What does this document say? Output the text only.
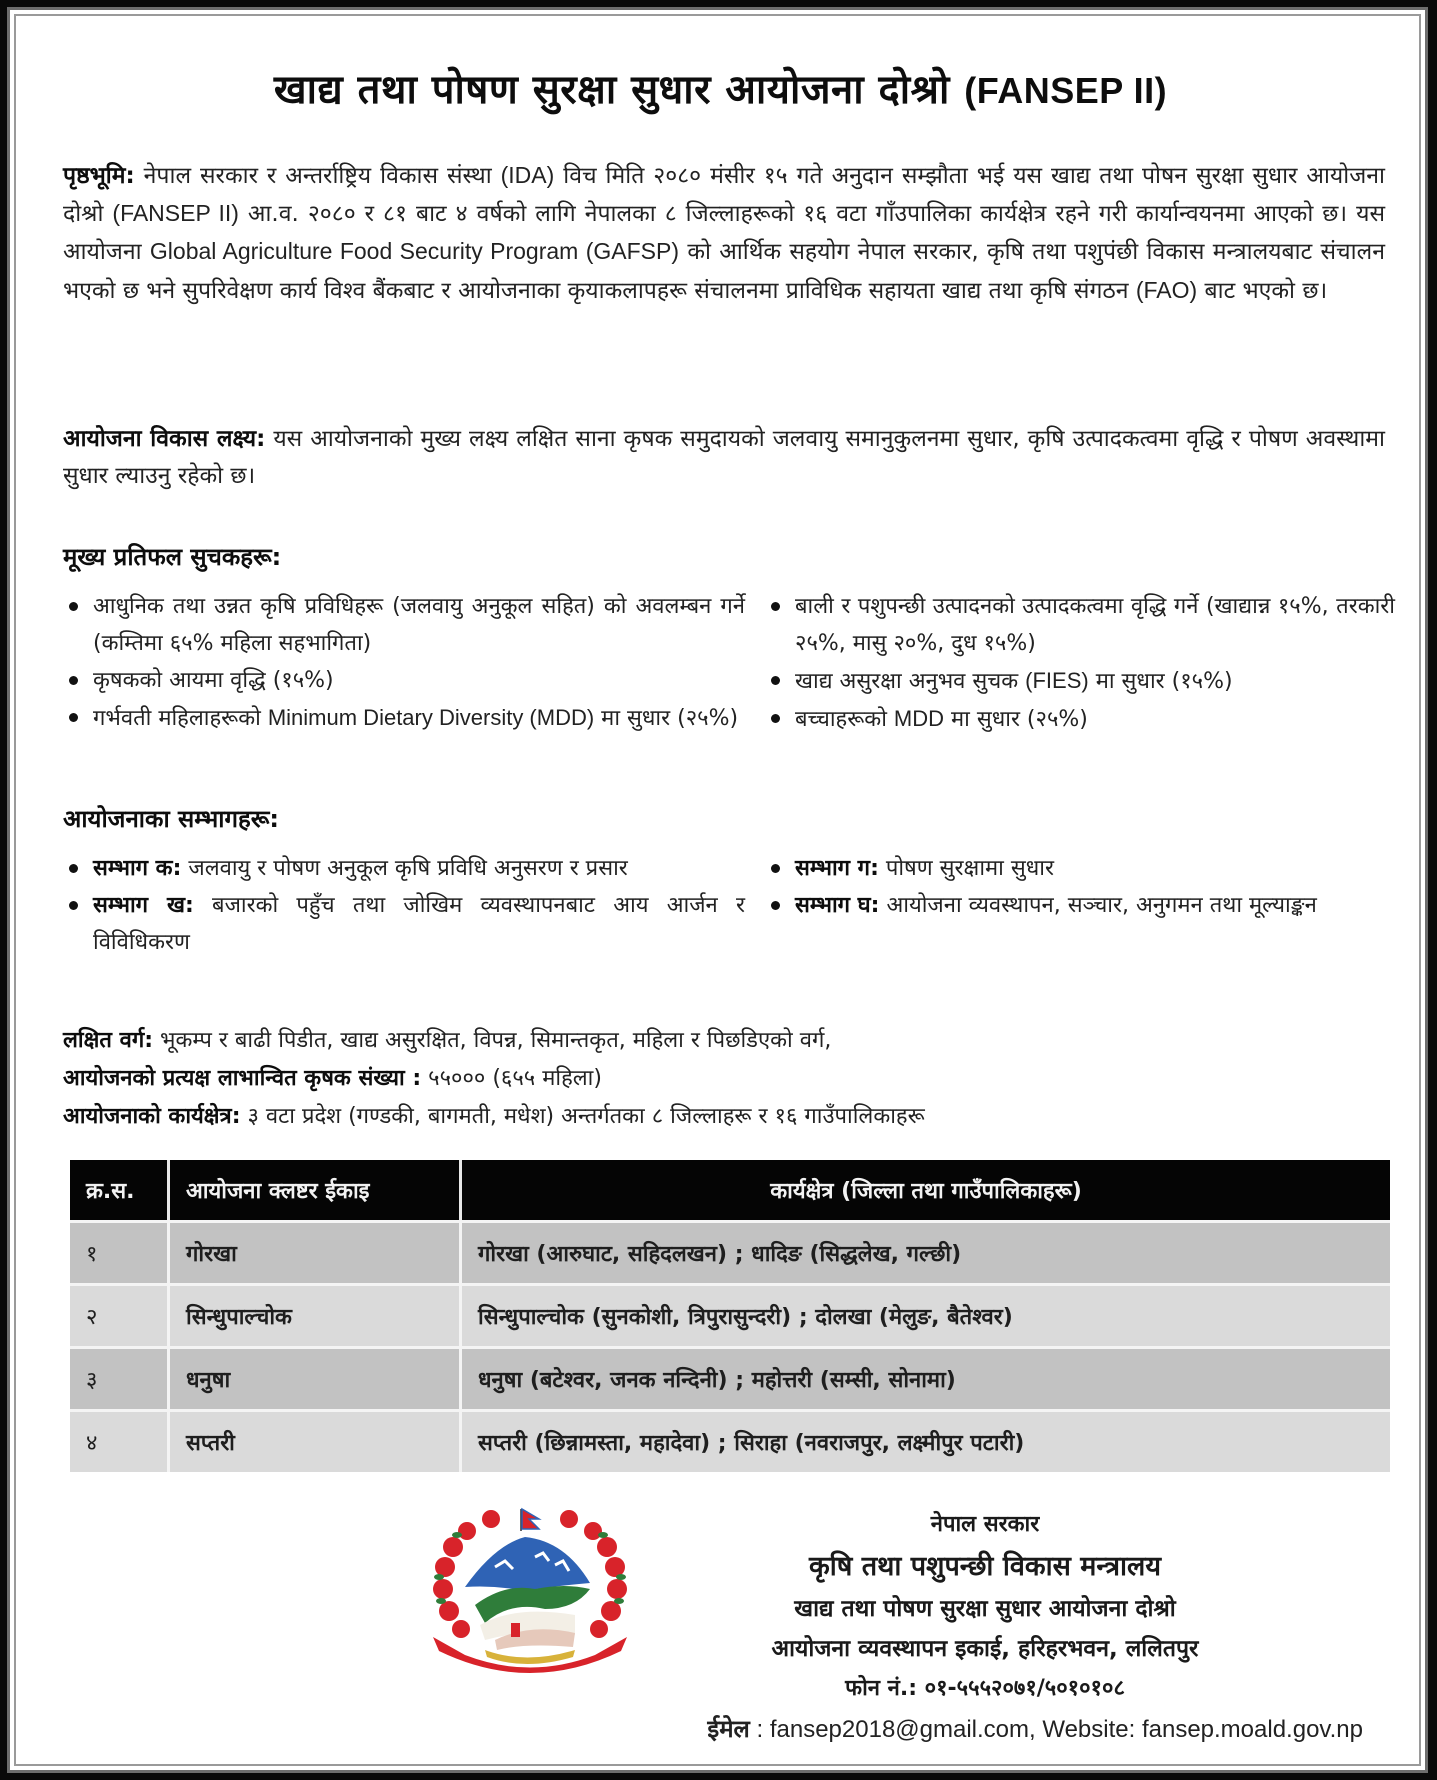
खाद्य तथा पोषण सुरक्षा सुधार आयोजना दोश्रो (FANSEP II)
पृष्ठभूमि: नेपाल सरकार र अन्तर्राष्ट्रिय विकास संस्था (IDA) विच मिति २०८० मंसीर १५ गते अनुदान सम्झौता भई यस खाद्य तथा पोषन सुरक्षा सुधार आयोजना दोश्रो (FANSEP II) आ.व. २०८० र ८१ बाट ४ वर्षको लागि नेपालका ८ जिल्लाहरूको १६ वटा गाँउपालिका कार्यक्षेत्र रहने गरी कार्यान्वयनमा आएको छ। यस आयोजना Global Agriculture Food Security Program (GAFSP) को आर्थिक सहयोग नेपाल सरकार, कृषि तथा पशुपंछी विकास मन्त्रालयबाट संचालन भएको छ भने सुपरिवेक्षण कार्य विश्व बैंकबाट र आयोजनाका कृयाकलापहरू संचालनमा प्राविधिक सहायता खाद्य तथा कृषि संगठन (FAO) बाट भएको छ।
आयोजना विकास लक्ष्य: यस आयोजनाको मुख्य लक्ष्य लक्षित साना कृषक समुदायको जलवायु समानुकुलनमा सुधार, कृषि उत्पादकत्वमा वृद्धि र पोषण अवस्थामा सुधार ल्याउनु रहेको छ।
मूख्य प्रतिफल सुचकहरू:
आधुनिक तथा उन्नत कृषि प्रविधिहरू (जलवायु अनुकूल सहित) को अवलम्बन गर्ने (कम्तिमा ६५% महिला सहभागिता)
कृषकको आयमा वृद्धि (१५%)
गर्भवती महिलाहरूको Minimum Dietary Diversity (MDD) मा सुधार (२५%)
बाली र पशुपन्छी उत्पादनको उत्पादकत्वमा वृद्धि गर्ने (खाद्यान्न १५%, तरकारी २५%, मासु २०%, दुध १५%)
खाद्य असुरक्षा अनुभव सुचक (FIES) मा सुधार (१५%)
बच्चाहरूको MDD मा सुधार (२५%)
आयोजनाका सम्भागहरू:
सम्भाग क: जलवायु र पोषण अनुकूल कृषि प्रविधि अनुसरण र प्रसार
सम्भाग ख: बजारको पहुँच तथा जोखिम व्यवस्थापनबाट आय आर्जन र विविधिकरण
सम्भाग ग: पोषण सुरक्षामा सुधार
सम्भाग घ: आयोजना व्यवस्थापन, सञ्चार, अनुगमन तथा मूल्याङ्कन
लक्षित वर्ग: भूकम्प र बाढी पिडीत, खाद्य असुरक्षित, विपन्न, सिमान्तकृत, महिला र पिछडिएको वर्ग,
आयोजनको प्रत्यक्ष लाभान्वित कृषक संख्या : ५५००० (६५५ महिला)
आयोजनाको कार्यक्षेत्र: ३ वटा प्रदेश (गण्डकी, बागमती, मधेश) अन्तर्गतका ८ जिल्लाहरू र १६ गाउँपालिकाहरू
क्र.स.	आयोजना क्लष्टर ईकाइ	कार्यक्षेत्र (जिल्ला तथा गाउँपालिकाहरू)
१	गोरखा	गोरखा (आरुघाट, सहिदलखन) ; धादिङ (सिद्धलेख, गल्छी)
२	सिन्धुपाल्चोक	सिन्धुपाल्चोक (सुनकोशी, त्रिपुरासुन्दरी) ; दोलखा (मेलुङ, बैतेश्वर)
३	धनुषा	धनुषा (बटेश्वर, जनक नन्दिनी) ; महोत्तरी (सम्सी, सोनामा)
४	सप्तरी	सप्तरी (छिन्नामस्ता, महादेवा) ; सिराहा (नवराजपुर, लक्ष्मीपुर पटारी)
नेपाल सरकार
कृषि तथा पशुपन्छी विकास मन्त्रालय
खाद्य तथा पोषण सुरक्षा सुधार आयोजना दोश्रो
आयोजना व्यवस्थापन इकाई, हरिहरभवन, ललितपुर
फोन नं.: ०१-५५५२०७१/५०१०१०८
ईमेल : fansep2018@gmail.com, Website: fansep.moald.gov.np
